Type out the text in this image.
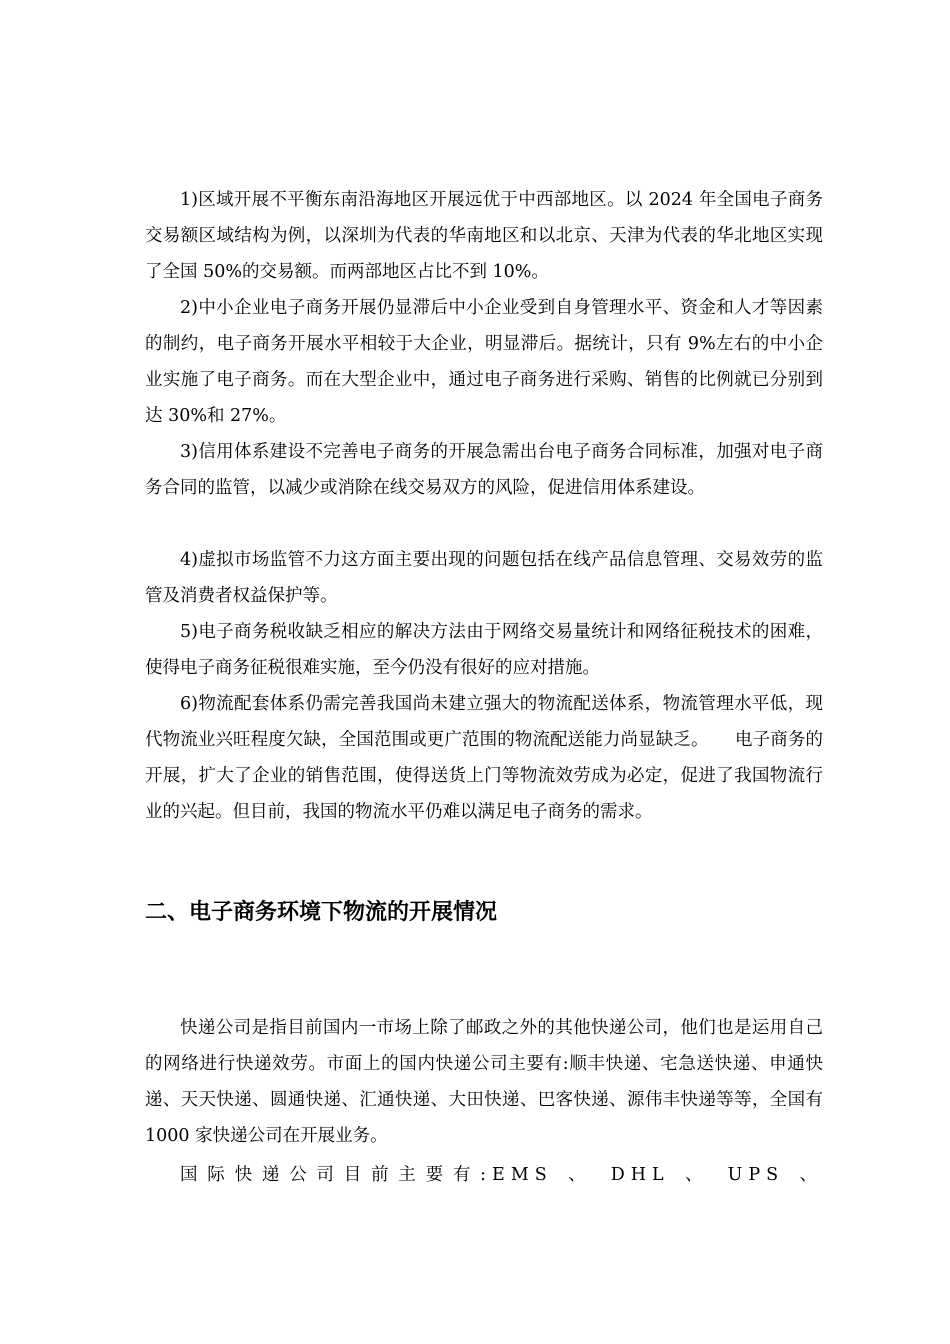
1)区域开展不平衡东南沿海地区开展远优于中西部地区。以 2024 年全国电子商务交易额区域结构为例，以深圳为代表的华南地区和以北京、天津为代表的华北地区实现了全国 50%的交易额。而两部地区占比不到 10%。

2)中小企业电子商务开展仍显滞后中小企业受到自身管理水平、资金和人才等因素的制约，电子商务开展水平相较于大企业，明显滞后。据统计，只有 9%左右的中小企业实施了电子商务。而在大型企业中，通过电子商务进行采购、销售的比例就已分别到达 30%和 27%。

3)信用体系建设不完善电子商务的开展急需出台电子商务合同标准，加强对电子商务合同的监管，以减少或消除在线交易双方的风险，促进信用体系建设。

4)虚拟市场监管不力这方面主要出现的问题包括在线产品信息管理、交易效劳的监管及消费者权益保护等。

5)电子商务税收缺乏相应的解决方法由于网络交易量统计和网络征税技术的困难，使得电子商务征税很难实施，至今仍没有很好的应对措施。

6)物流配套体系仍需完善我国尚未建立强大的物流配送体系，物流管理水平低，现代物流业兴旺程度欠缺，全国范围或更广范围的物流配送能力尚显缺乏。　　电子商务的开展，扩大了企业的销售范围，使得送货上门等物流效劳成为必定，促进了我国物流行业的兴起。但目前，我国的物流水平仍难以满足电子商务的需求。

二、电子商务环境下物流的开展情况

快递公司是指目前国内一市场上除了邮政之外的其他快递公司，他们也是运用自己的网络进行快递效劳。市面上的国内快递公司主要有:顺丰快递、宅急送快递、申通快递、天天快递、圆通快递、汇通快递、大田快递、巴客快递、源伟丰快递等等，全国有 1000 家快递公司在开展业务。

国际快递公司目前主要有:EMS 、 DHL 、 UPS 、
